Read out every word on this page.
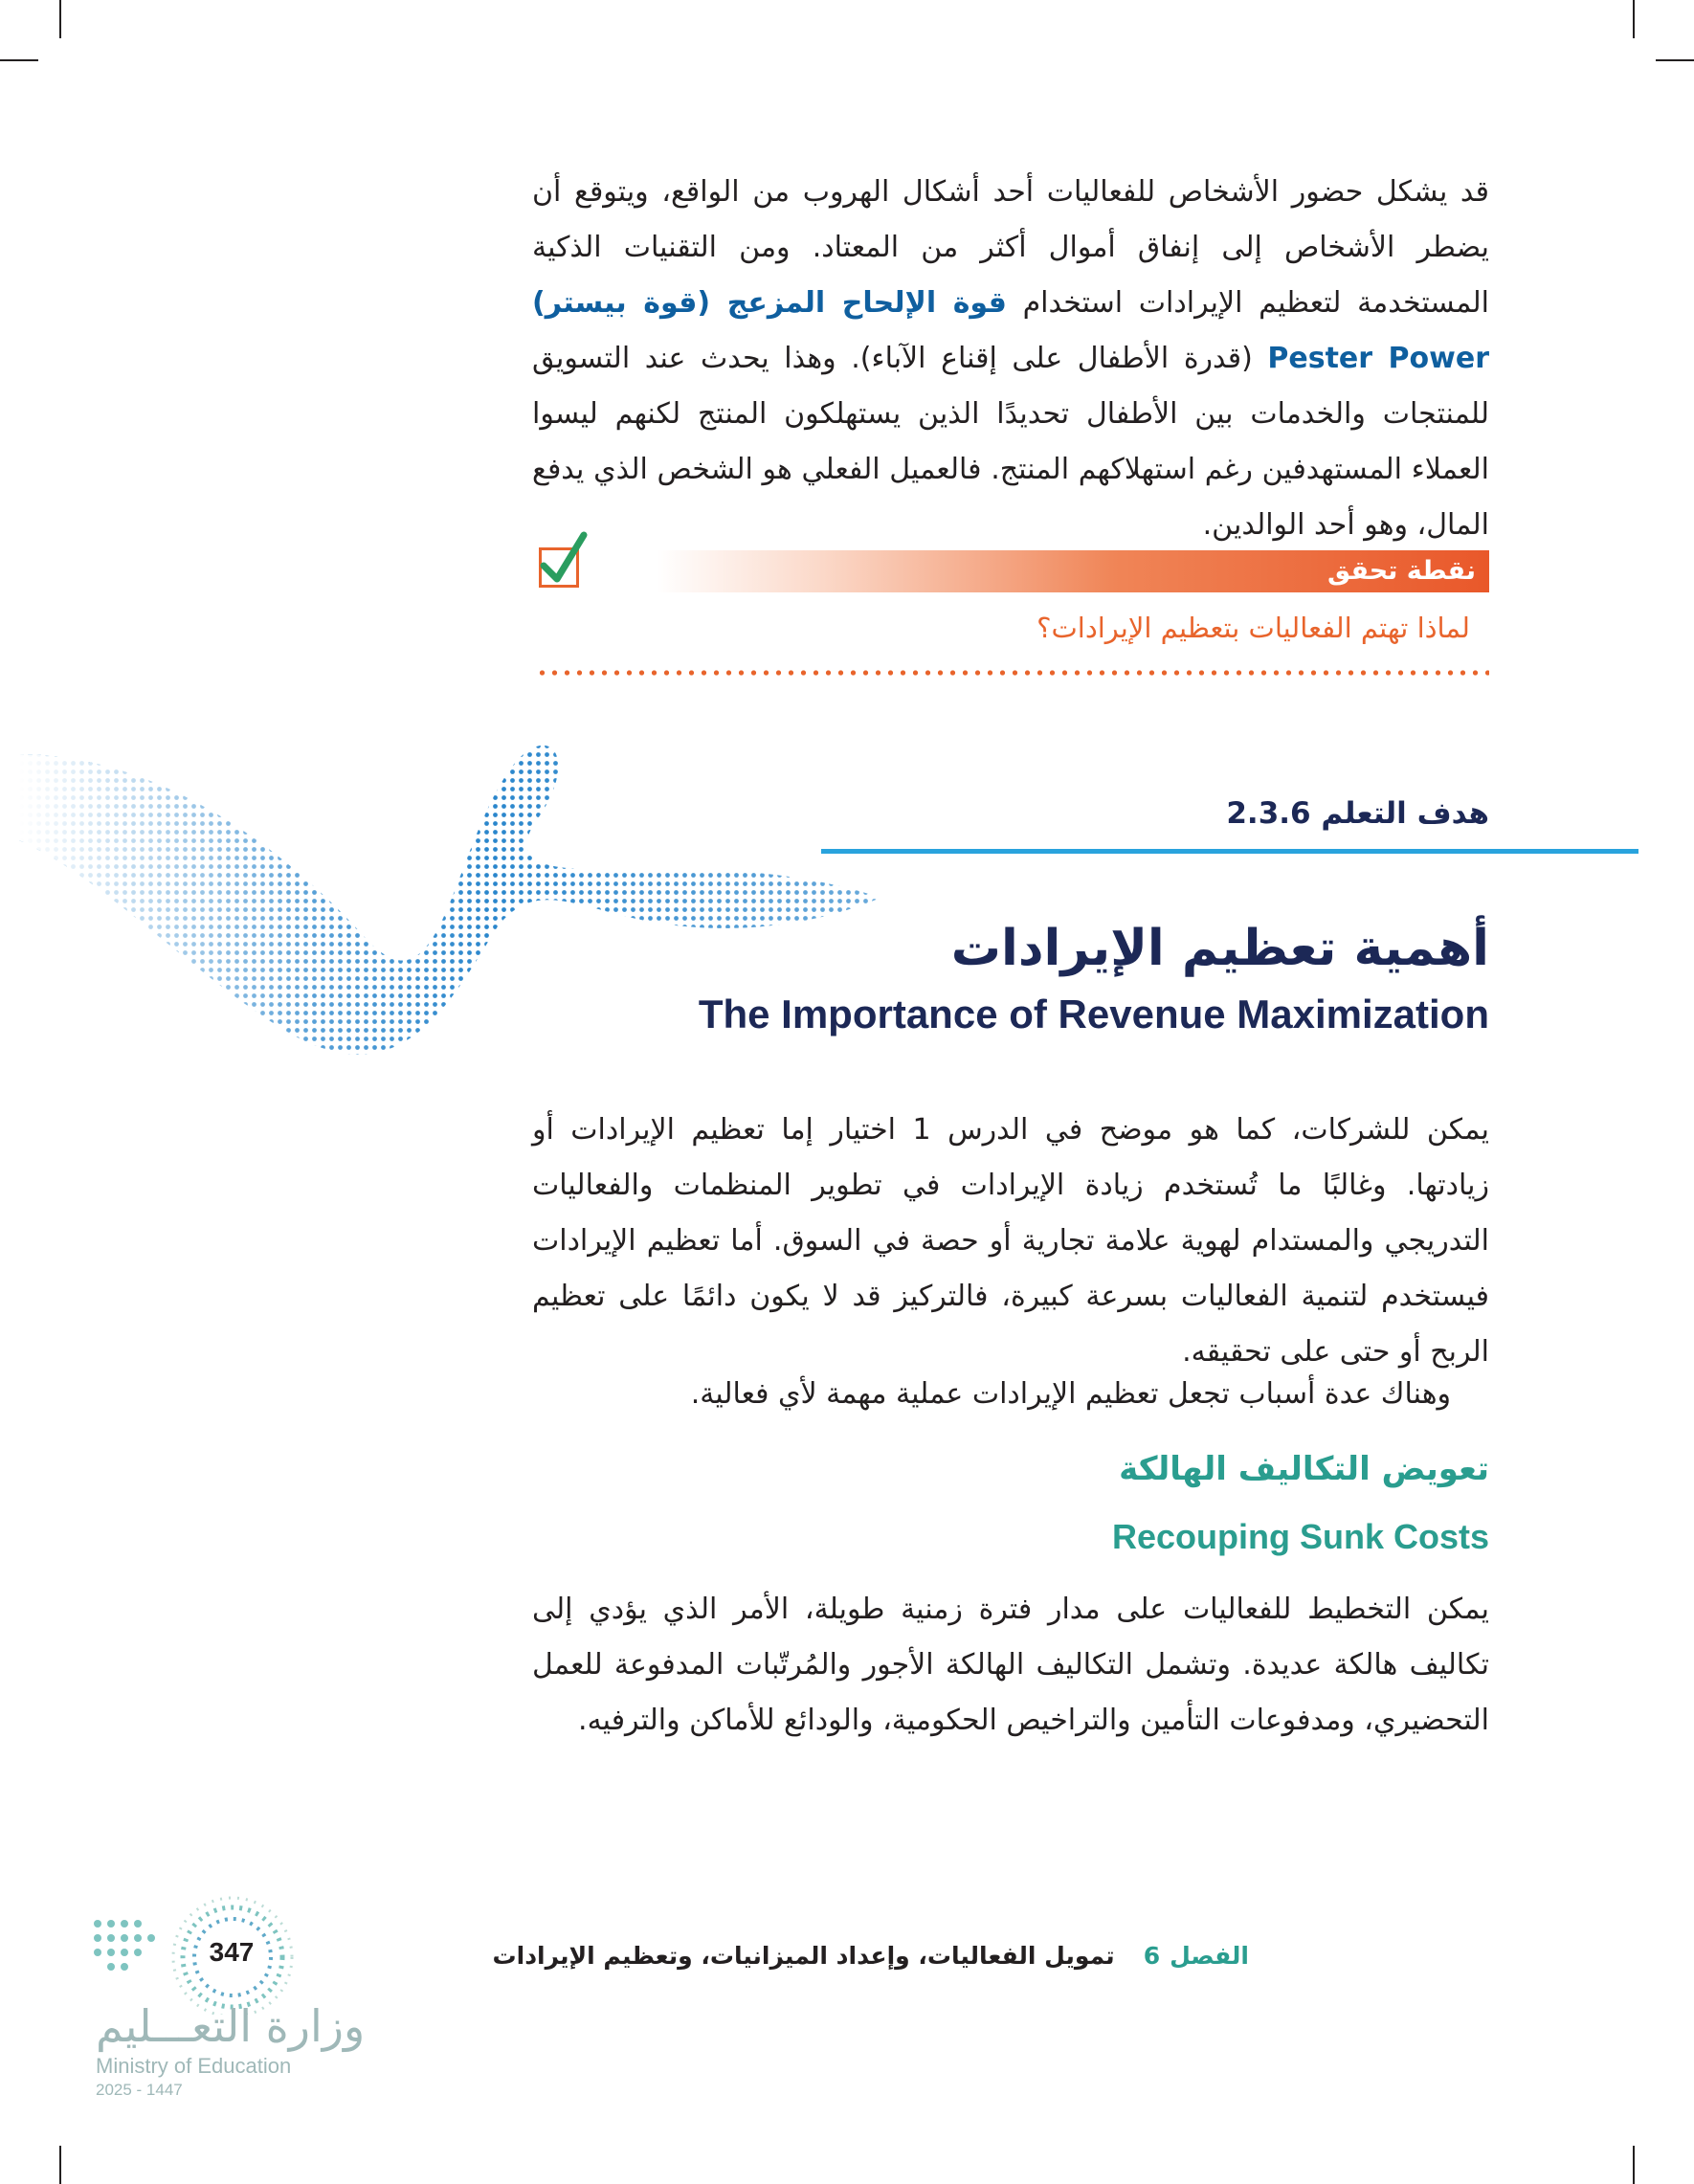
قد يشكل حضور الأشخاص للفعاليات أحد أشكال الهروب من الواقع، ويتوقع أن يضطر الأشخاص إلى إنفاق أموال أكثر من المعتاد. ومن التقنيات الذكية المستخدمة لتعظيم الإيرادات استخدام قوة الإلحاح المزعج (قوة بيستر) Pester Power (قدرة الأطفال على إقناع الآباء). وهذا يحدث عند التسويق للمنتجات والخدمات بين الأطفال تحديدًا الذين يستهلكون المنتج لكنهم ليسوا العملاء المستهدفين رغم استهلاكهم المنتج. فالعميل الفعلي هو الشخص الذي يدفع المال، وهو أحد الوالدين.

نقطة تحقق
لماذا تهتم الفعاليات بتعظيم الإيرادات؟
هدف التعلم 2.3.6
أهمية تعظيم الإيرادات
The Importance of Revenue Maximization

يمكن للشركات، كما هو موضح في الدرس 1 اختيار إما تعظيم الإيرادات أو زيادتها. وغالبًا ما تُستخدم زيادة الإيرادات في تطوير المنظمات والفعاليات التدريجي والمستدام لهوية علامة تجارية أو حصة في السوق. أما تعظيم الإيرادات فيستخدم لتنمية الفعاليات بسرعة كبيرة، فالتركيز قد لا يكون دائمًا على تعظيم الربح أو حتى على تحقيقه.

وهناك عدة أسباب تجعل تعظيم الإيرادات عملية مهمة لأي فعالية.

تعويض التكاليف الهالكة
Recouping Sunk Costs

يمكن التخطيط للفعاليات على مدار فترة زمنية طويلة، الأمر الذي يؤدي إلى تكاليف هالكة عديدة. وتشمل التكاليف الهالكة الأجور والمُرتّبات المدفوعة للعمل التحضيري، ومدفوعات التأمين والتراخيص الحكومية، والودائع للأماكن والترفيه.

الفصل6تمويل الفعاليات، وإعداد الميزانيات، وتعظيم الإيرادات
347
وزارة التعـــليم
Ministry of Education
2025 - 1447
